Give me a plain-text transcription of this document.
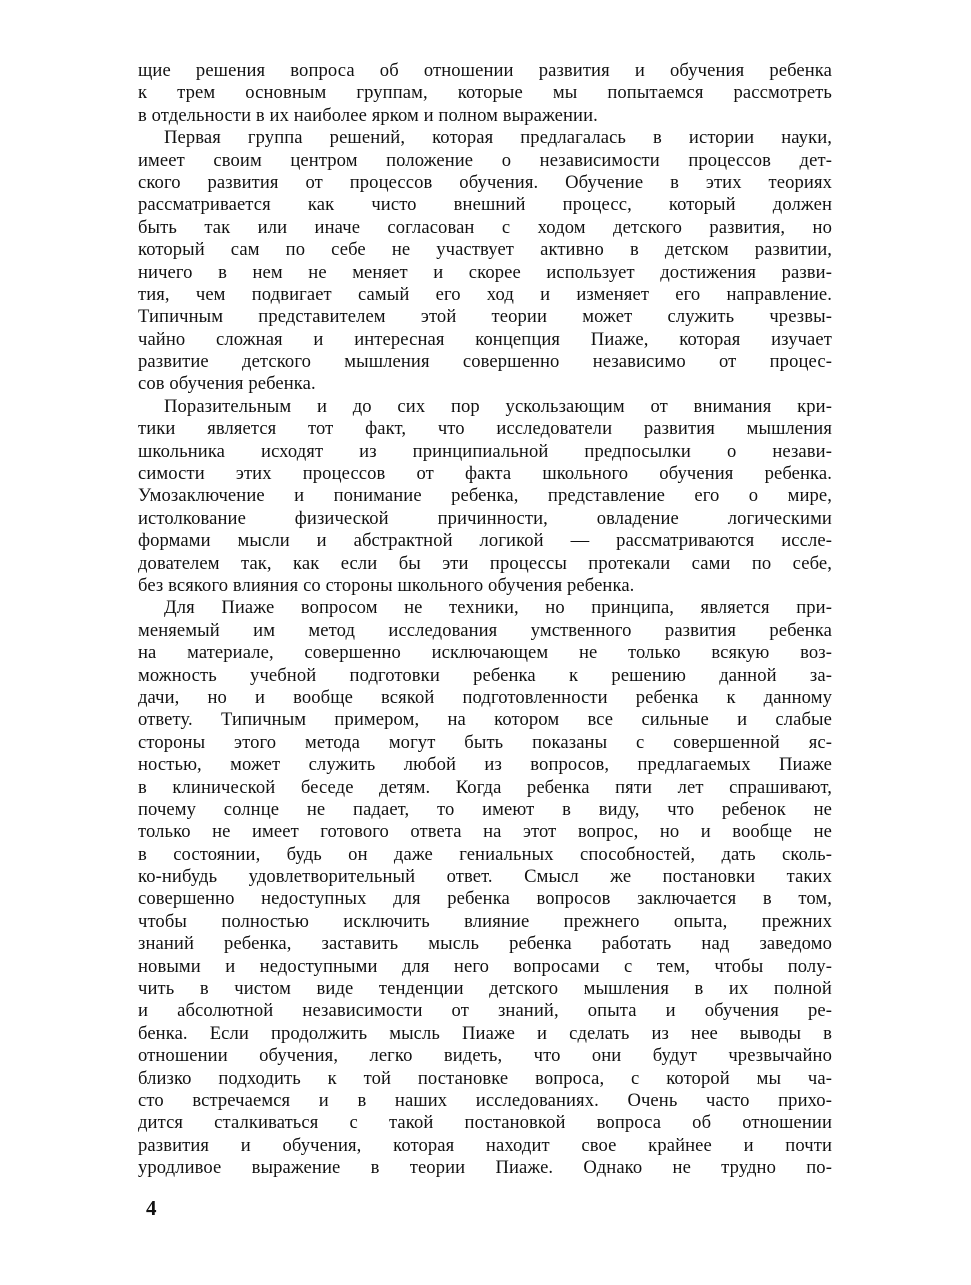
щие решения вопроса об отношении развития и обучения ребенка
к трем основным группам, которые мы попытаемся рассмотреть
в отдельности в их наиболее ярком и полном выражении.
Первая группа решений, которая предлагалась в истории науки,
имеет своим центром положение о независимости процессов дет-
ского развития от процессов обучения. Обучение в этих теориях
рассматривается как чисто внешний процесс, который должен
быть так или иначе согласован с ходом детского развития, но
который сам по себе не участвует активно в детском развитии,
ничего в нем не меняет и скорее использует достижения разви-
тия, чем подвигает самый его ход и изменяет его направление.
Типичным представителем этой теории может служить чрезвы-
чайно сложная и интересная концепция Пиаже, которая изучает
развитие детского мышления совершенно независимо от процес-
сов обучения ребенка.
Поразительным и до сих пор ускользающим от внимания кри-
тики является тот факт, что исследователи развития мышления
школьника исходят из принципиальной предпосылки о незави-
симости этих процессов от факта школьного обучения ребенка.
Умозаключение и понимание ребенка, представление его о мире,
истолкование физической причинности, овладение логическими
формами мысли и абстрактной логикой — рассматриваются иссле-
дователем так, как если бы эти процессы протекали сами по себе,
без всякого влияния со стороны школьного обучения ребенка.
Для Пиаже вопросом не техники, но принципа, является при-
меняемый им метод исследования умственного развития ребенка
на материале, совершенно исключающем не только всякую воз-
можность учебной подготовки ребенка к решению данной за-
дачи, но и вообще всякой подготовленности ребенка к данному
ответу. Типичным примером, на котором все сильные и слабые
стороны этого метода могут быть показаны с совершенной яс-
ностью, может служить любой из вопросов, предлагаемых Пиаже
в клинической беседе детям. Когда ребенка пяти лет спрашивают,
почему солнце не падает, то имеют в виду, что ребенок не
только не имеет готового ответа на этот вопрос, но и вообще не
в состоянии, будь он даже гениальных способностей, дать сколь-
ко-нибудь удовлетворительный ответ. Смысл же постановки таких
совершенно недоступных для ребенка вопросов заключается в том,
чтобы полностью исключить влияние прежнего опыта, прежних
знаний ребенка, заставить мысль ребенка работать над заведомо
новыми и недоступными для него вопросами с тем, чтобы полу-
чить в чистом виде тенденции детского мышления в их полной
и абсолютной независимости от знаний, опыта и обучения ре-
бенка. Если продолжить мысль Пиаже и сделать из нее выводы в
отношении обучения, легко видеть, что они будут чрезвычайно
близко подходить к той постановке вопроса, с которой мы ча-
сто встречаемся и в наших исследованиях. Очень часто прихо-
дится сталкиваться с такой постановкой вопроса об отношении
развития и обучения, которая находит свое крайнее и почти
уродливое выражение в теории Пиаже. Однако не трудно по-
4
